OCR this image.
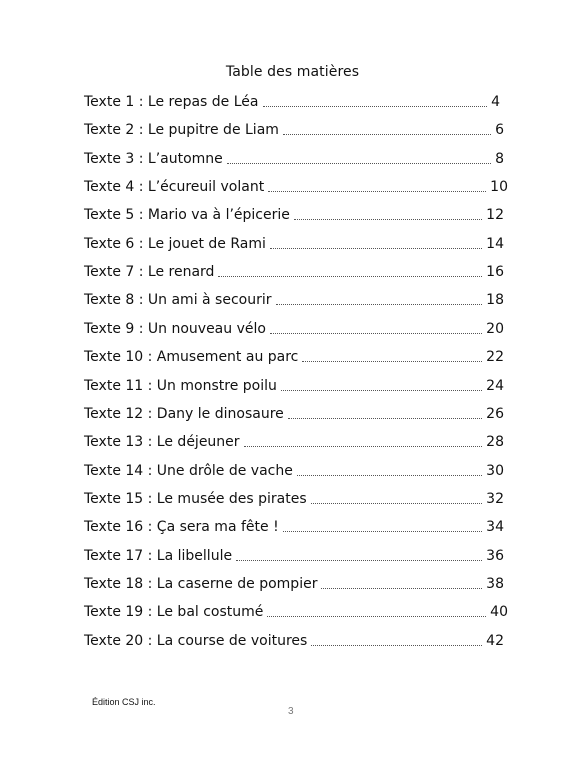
Table des matières
Texte 1 : Le repas de Léa	4
Texte 2 : Le pupitre de Liam	6
Texte 3 : L’automne	8
Texte 4 : L’écureuil volant	10
Texte 5 : Mario va à l’épicerie	12
Texte 6 : Le jouet de Rami	14
Texte 7 : Le renard	16
Texte 8 : Un ami à secourir	18
Texte 9 : Un nouveau vélo	20
Texte 10 : Amusement au parc	22
Texte 11 : Un monstre poilu	24
Texte 12 : Dany le dinosaure	26
Texte 13 : Le déjeuner	28
Texte 14 : Une drôle de vache	30
Texte 15 : Le musée des pirates	32
Texte 16 : Ça sera ma fête !	34
Texte 17 : La libellule	36
Texte 18 : La caserne de pompier	38
Texte 19 : Le bal costumé	40
Texte 20 : La course de voitures	42
Édition CSJ inc.
3
